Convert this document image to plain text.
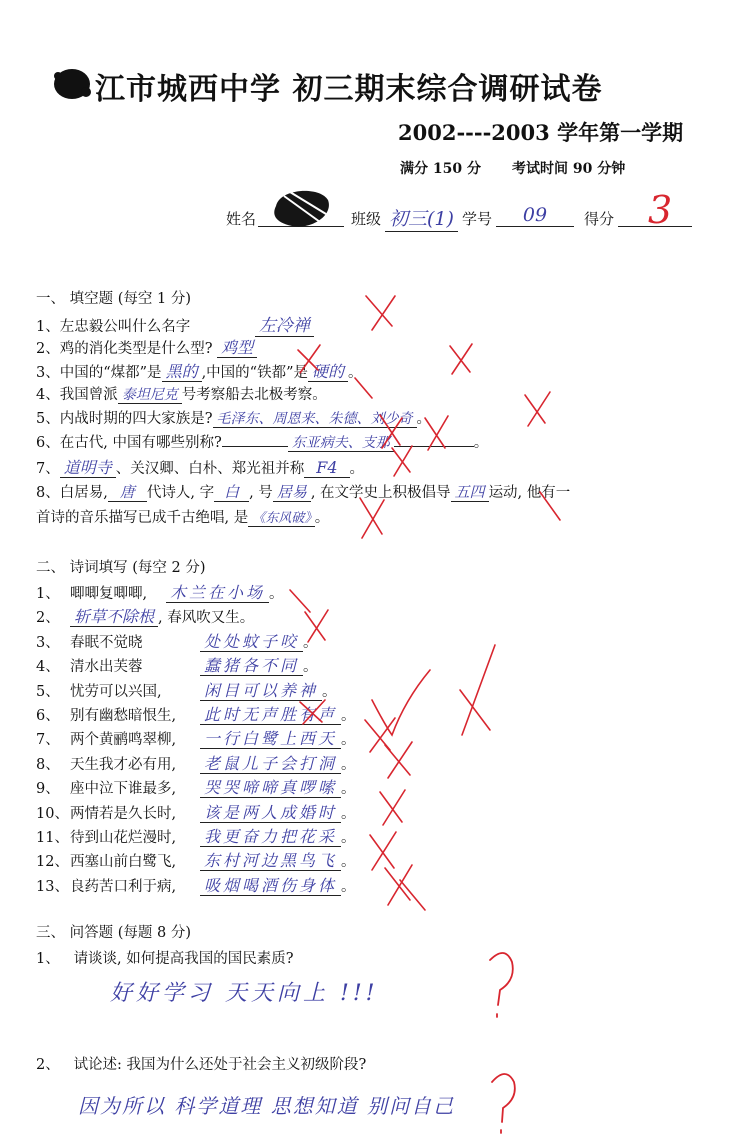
江市城西中学 初三期末综合调研试卷
2002----2003 学年第一学期
满分 150 分 考试时间 90 分钟
姓名	班级 初三(1) 学号	09	得分 3
一、 填空题 (每空 1 分)
1、左忠毅公叫什么名字	左冷禅
2、鸡的消化类型是什么型? 鸡型
3、中国的“煤都”是 黑的 ,中国的“铁都”是 硬的 。
4、我国曾派 泰坦尼克 号考察船去北极考察。
5、内战时期的四大家族是? 毛泽东、周恩来、朱德、刘少奇 。
6、在古代, 中国有哪些别称?	东亚病夫、支那	。
7、 道明寺 、关汉卿、白朴、郑光祖并称 F4 。
8、白居易, 唐 代诗人, 字 白 , 号 居易 , 在文学史上积极倡导 五四 运动, 他有一
首诗的音乐描写已成千古绝唱, 是 《东风破》 。
二、 诗词填写 (每空 2 分)
1、 唧唧复唧唧, 木兰在小场 。
2、 斩草不除根 , 春风吹又生。
3、 春眠不觉晓	处处蚊子咬 。
4、 清水出芙蓉	蠢猪各不同 。
5、 忧劳可以兴国,	闲目可以养神 。
6、 别有幽愁暗恨生, 此时无声胜有声 。
7、 两个黄鹂鸣翠柳, 一行白鹭上西天 。
8、 天生我才必有用, 老鼠儿子会打洞 。
9、 座中泣下谁最多, 哭哭啼啼真啰嗦 。
10、两情若是久长时, 该是两人成婚时 。
11、待到山花烂漫时, 我更奋力把花采 。
12、西塞山前白鹭飞, 东村河边黑鸟飞 。
13、良药苦口利于病, 吸烟喝酒伤身体 。
三、 问答题 (每题 8 分)
1、 请谈谈, 如何提高我国的国民素质?
好好学习 天天向上 !!!
2、 试论述: 我国为什么还处于社会主义初级阶段?
因为所以 科学道理 思想知道 别问自己
